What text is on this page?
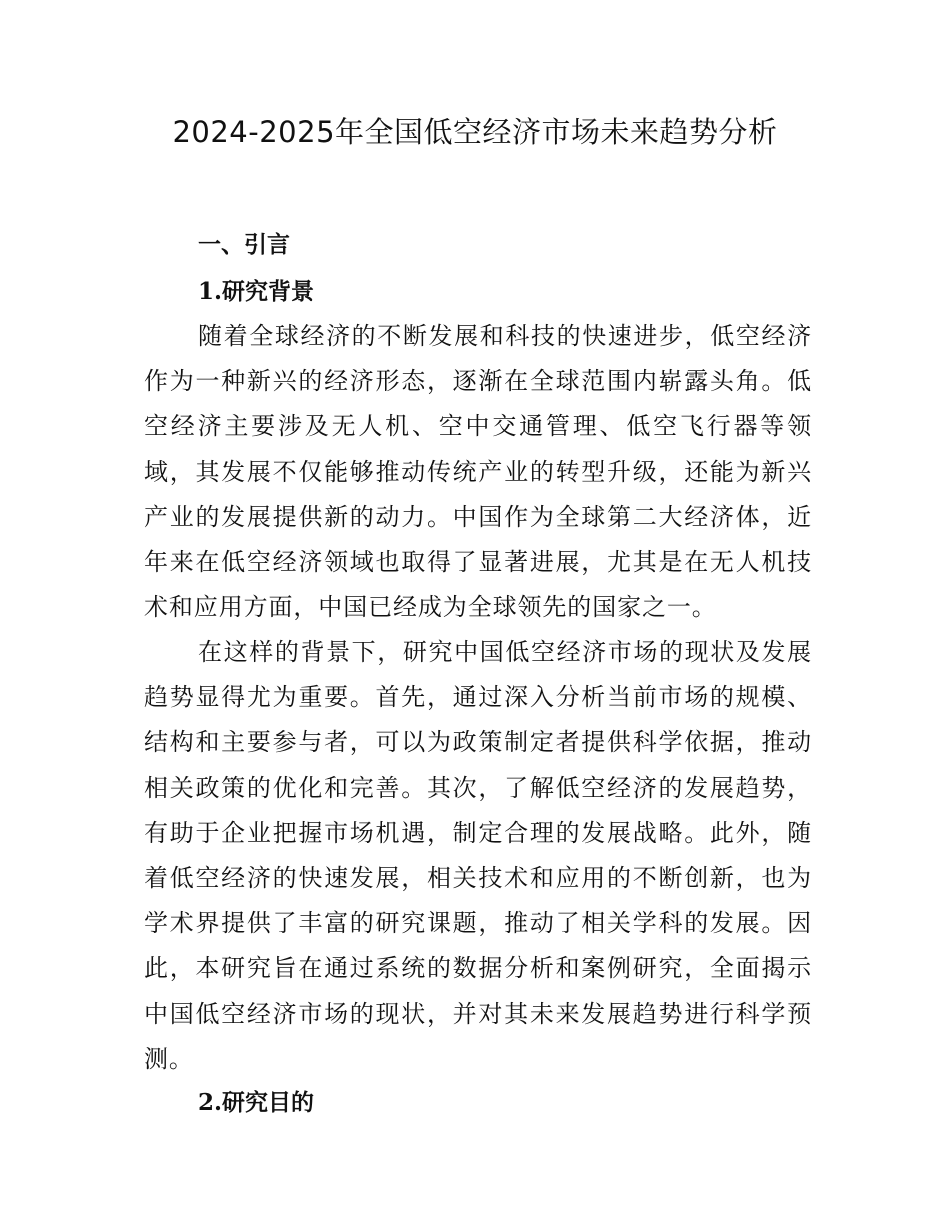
2024-2025年全国低空经济市场未来趋势分析
一、引言
1.研究背景

随着全球经济的不断发展和科技的快速进步，低空经济作为一种新兴的经济形态，逐渐在全球范围内崭露头角。低空经济主要涉及无人机、空中交通管理、低空飞行器等领域，其发展不仅能够推动传统产业的转型升级，还能为新兴产业的发展提供新的动力。中国作为全球第二大经济体，近年来在低空经济领域也取得了显著进展，尤其是在无人机技术和应用方面，中国已经成为全球领先的国家之一。

在这样的背景下，研究中国低空经济市场的现状及发展趋势显得尤为重要。首先，通过深入分析当前市场的规模、结构和主要参与者，可以为政策制定者提供科学依据，推动相关政策的优化和完善。其次，了解低空经济的发展趋势，有助于企业把握市场机遇，制定合理的发展战略。此外，随着低空经济的快速发展，相关技术和应用的不断创新，也为学术界提供了丰富的研究课题，推动了相关学科的发展。因此，本研究旨在通过系统的数据分析和案例研究，全面揭示中国低空经济市场的现状，并对其未来发展趋势进行科学预测。

2.研究目的
